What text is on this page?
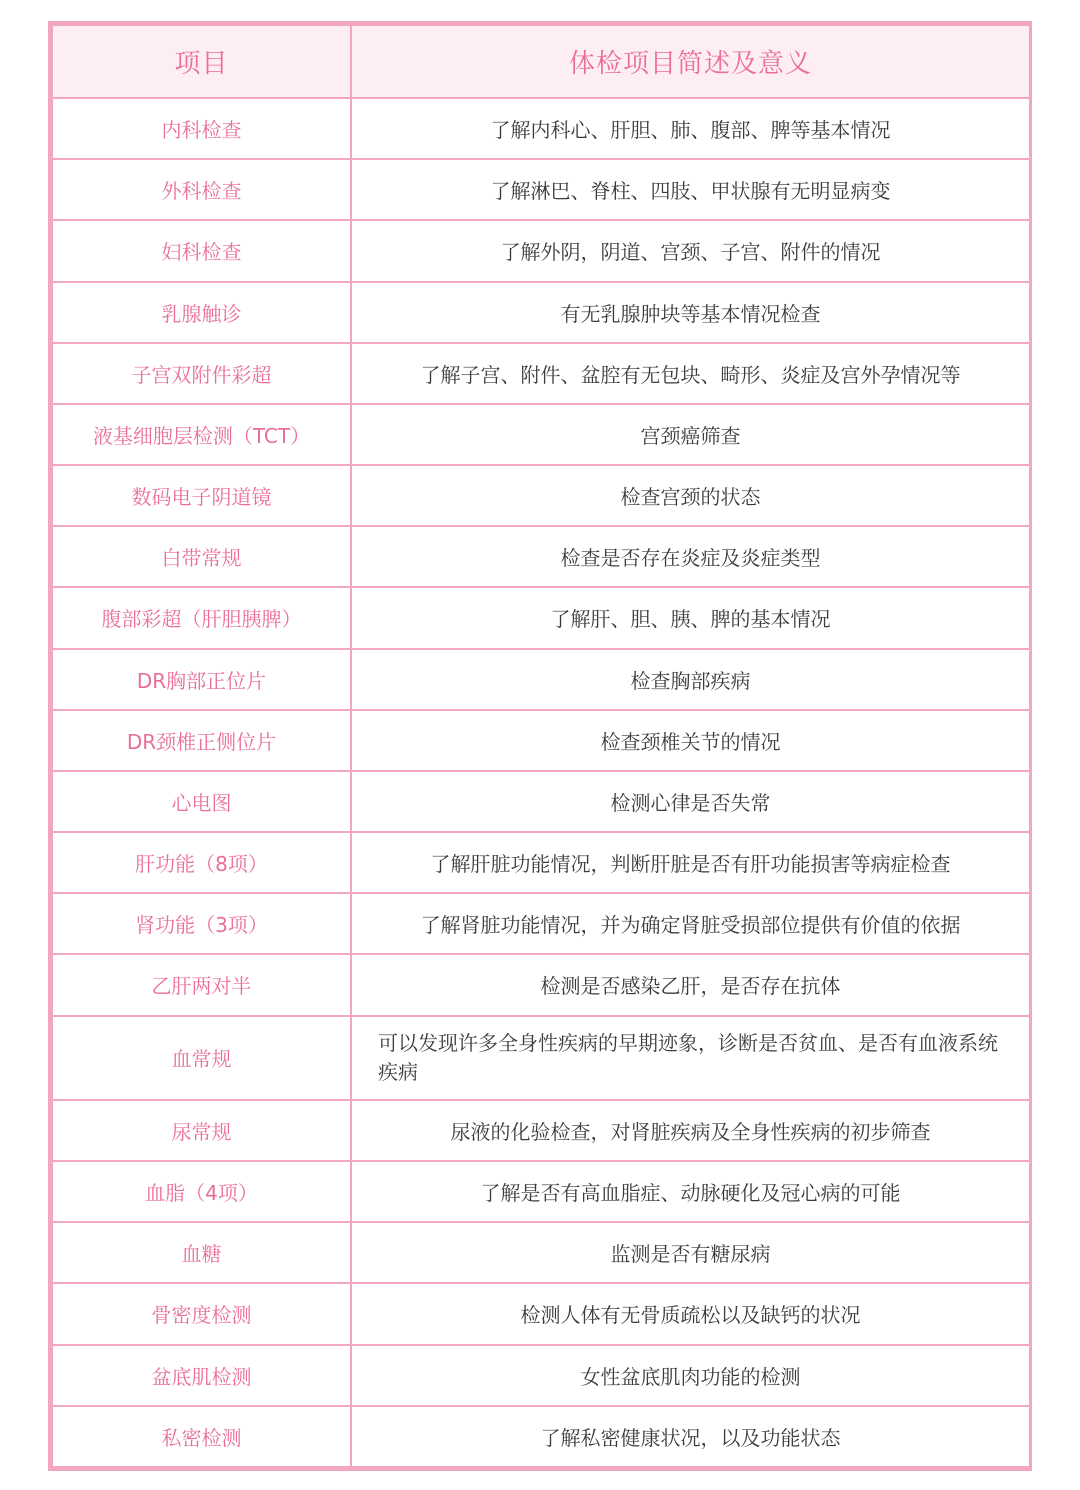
项目	体检项目简述及意义
内科检查	了解内科心、肝胆、肺、腹部、脾等基本情况
外科检查	了解淋巴、脊柱、四肢、甲状腺有无明显病变
妇科检查	了解外阴，阴道、宫颈、子宫、附件的情况
乳腺触诊	有无乳腺肿块等基本情况检查
子宫双附件彩超	了解子宫、附件、盆腔有无包块、畸形、炎症及宫外孕情况等
液基细胞层检测（TCT）	宫颈癌筛查
数码电子阴道镜	检查宫颈的状态
白带常规	检查是否存在炎症及炎症类型
腹部彩超（肝胆胰脾）	了解肝、胆、胰、脾的基本情况
DR胸部正位片	检查胸部疾病
DR颈椎正侧位片	检查颈椎关节的情况
心电图	检测心律是否失常
肝功能（8项）	了解肝脏功能情况，判断肝脏是否有肝功能损害等病症检查
肾功能（3项）	了解肾脏功能情况，并为确定肾脏受损部位提供有价值的依据
乙肝两对半	检测是否感染乙肝，是否存在抗体
血常规	可以发现许多全身性疾病的早期迹象，诊断是否贫血、是否有血液系统疾病
尿常规	尿液的化验检查，对肾脏疾病及全身性疾病的初步筛查
血脂（4项）	了解是否有高血脂症、动脉硬化及冠心病的可能
血糖	监测是否有糖尿病
骨密度检测	检测人体有无骨质疏松以及缺钙的状况
盆底肌检测	女性盆底肌肉功能的检测
私密检测	了解私密健康状况，以及功能状态
